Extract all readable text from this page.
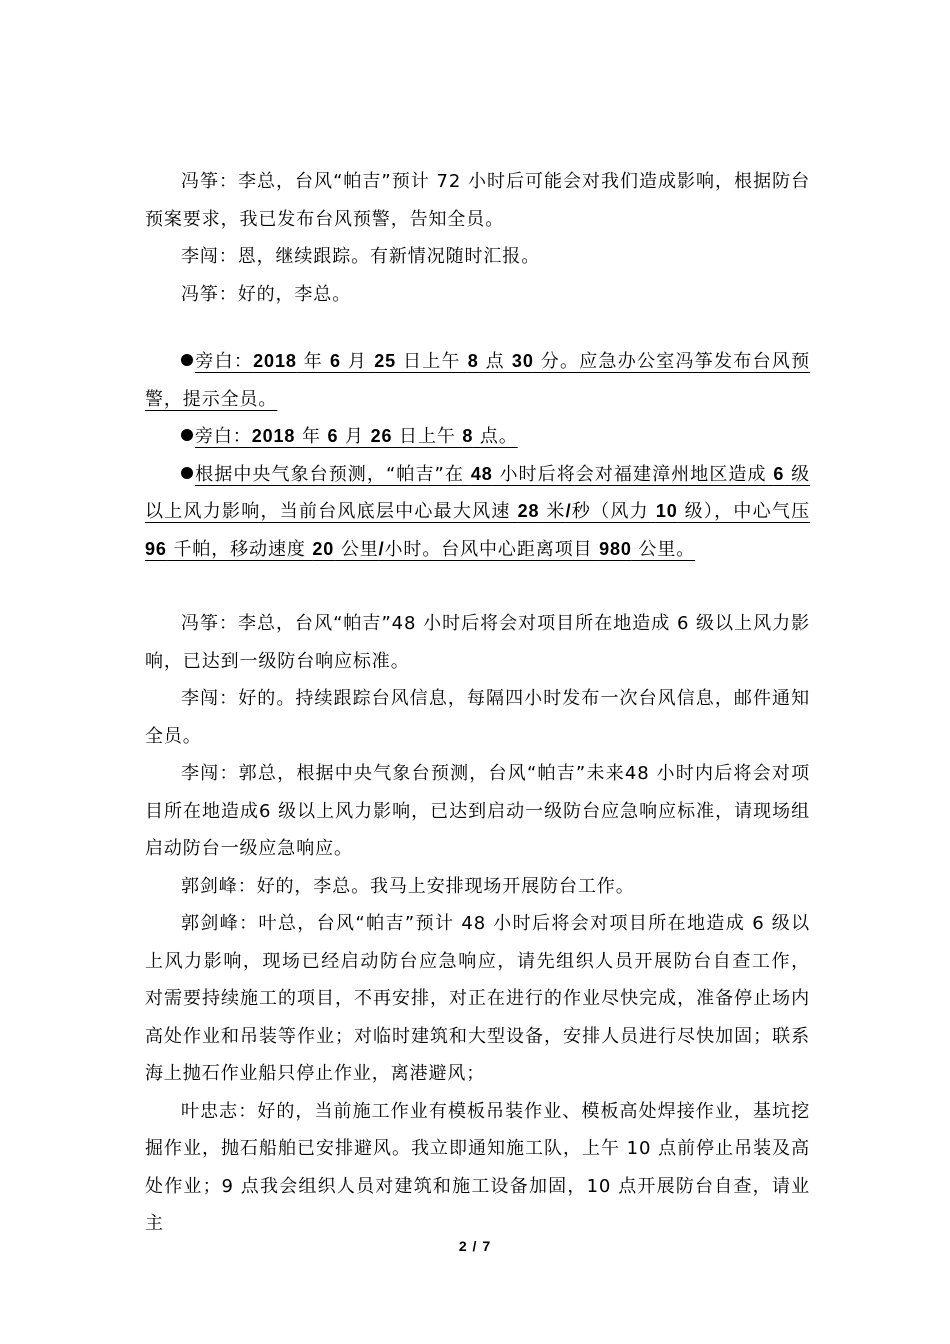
冯筝：李总，台风“帕吉”预计 72 小时后可能会对我们造成影响，根据防台预案要求，我已发布台风预警，告知全员。

李闯：恩，继续跟踪。有新情况随时汇报。

冯筝：好的，李总。

旁白：2018 年 6 月 25 日上午 8 点 30 分。应急办公室冯筝发布台风预警，提示全员。

旁白：2018 年 6 月 26 日上午 8 点。

根据中央气象台预测，“帕吉”在 48 小时后将会对福建漳州地区造成 6 级以上风力影响，当前台风底层中心最大风速 28 米/秒（风力 10 级），中心气压 96 千帕，移动速度 20 公里/小时。台风中心距离项目 980 公里。

冯筝：李总，台风“帕吉”48 小时后将会对项目所在地造成 6 级以上风力影响，已达到一级防台响应标准。

李闯：好的。持续跟踪台风信息，每隔四小时发布一次台风信息，邮件通知全员。

李闯：郭总，根据中央气象台预测，台风“帕吉”未来48 小时内后将会对项目所在地造成6 级以上风力影响，已达到启动一级防台应急响应标准，请现场组启动防台一级应急响应。

郭剑峰：好的，李总。我马上安排现场开展防台工作。

郭剑峰：叶总，台风“帕吉”预计 48 小时后将会对项目所在地造成 6 级以上风力影响，现场已经启动防台应急响应，请先组织人员开展防台自查工作， 对需要持续施工的项目，不再安排，对正在进行的作业尽快完成，准备停止场内高处作业和吊装等作业；对临时建筑和大型设备，安排人员进行尽快加固；联系海上抛石作业船只停止作业，离港避风；

叶忠志：好的，当前施工作业有模板吊装作业、模板高处焊接作业，基坑挖掘作业，抛石船舶已安排避风。我立即通知施工队，上午 10 点前停止吊装及高处作业；9 点我会组织人员对建筑和施工设备加固，10 点开展防台自查，请业主

2 / 7
